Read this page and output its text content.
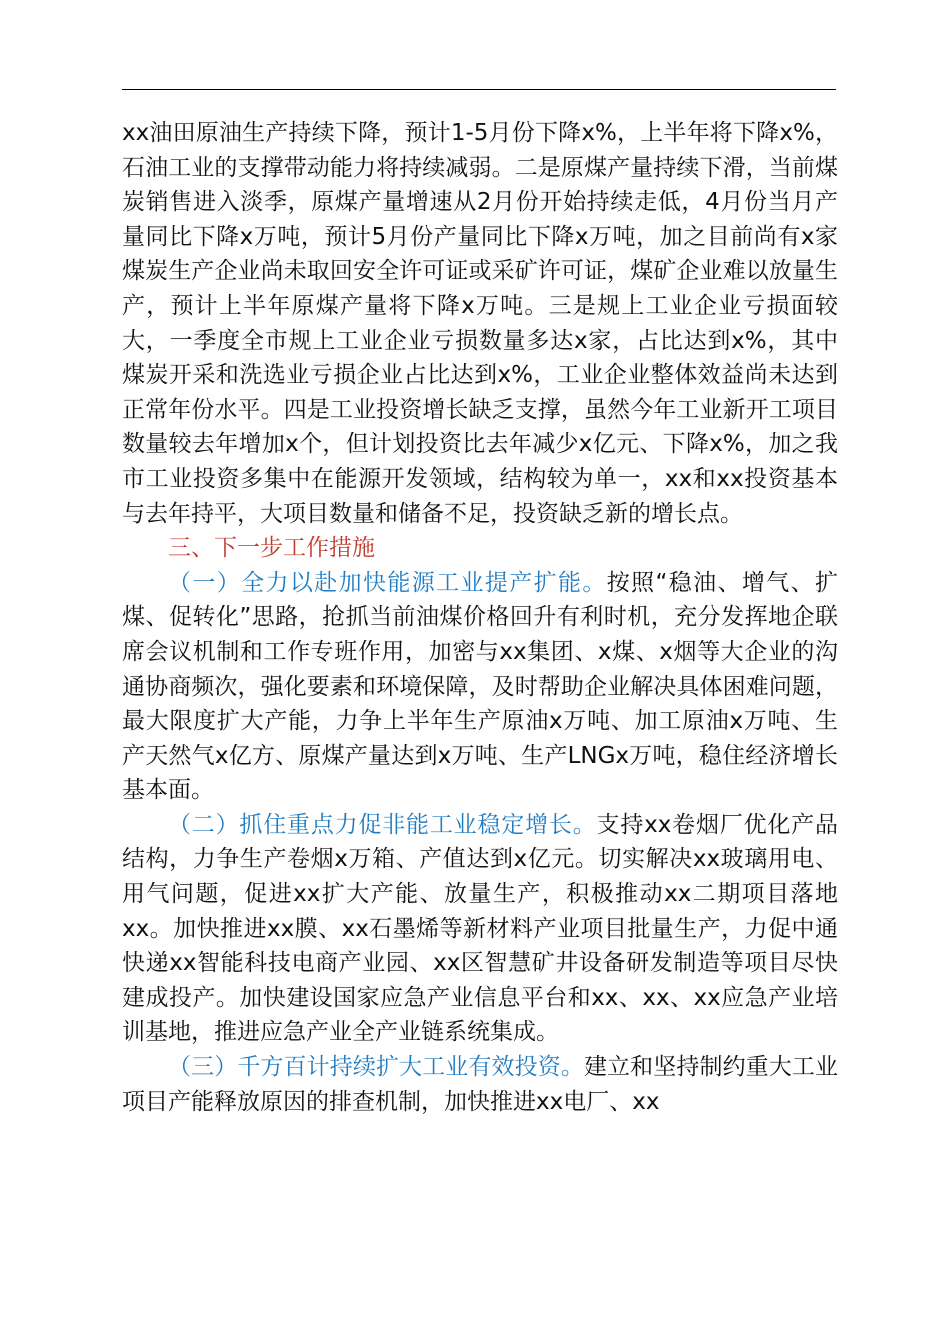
xx油田原油生产持续下降，预计1-5月份下降x%，上半年将下降x%，石油工业的支撑带动能力将持续减弱。二是原煤产量持续下滑，当前煤炭销售进入淡季，原煤产量增速从2月份开始持续走低，4月份当月产量同比下降x万吨，预计5月份产量同比下降x万吨，加之目前尚有x家煤炭生产企业尚未取回安全许可证或采矿许可证，煤矿企业难以放量生产，预计上半年原煤产量将下降x万吨。三是规上工业企业亏损面较大，一季度全市规上工业企业亏损数量多达x家，占比达到x%，其中煤炭开采和洗选业亏损企业占比达到x%，工业企业整体效益尚未达到正常年份水平。四是工业投资增长缺乏支撑，虽然今年工业新开工项目数量较去年增加x个，但计划投资比去年减少x亿元、下降x%，加之我市工业投资多集中在能源开发领域，结构较为单一，xx和xx投资基本与去年持平，大项目数量和储备不足，投资缺乏新的增长点。

三、下一步工作措施

（一）全力以赴加快能源工业提产扩能。按照“稳油、增气、扩煤、促转化”思路，抢抓当前油煤价格回升有利时机，充分发挥地企联席会议机制和工作专班作用，加密与xx集团、x煤、x烟等大企业的沟通协商频次，强化要素和环境保障，及时帮助企业解决具体困难问题，最大限度扩大产能，力争上半年生产原油x万吨、加工原油x万吨、生产天然气x亿方、原煤产量达到x万吨、生产LNGx万吨，稳住经济增长基本面。

（二）抓住重点力促非能工业稳定增长。支持xx卷烟厂优化产品结构，力争生产卷烟x万箱、产值达到x亿元。切实解决xx玻璃用电、用气问题，促进xx扩大产能、放量生产，积极推动xx二期项目落地xx。加快推进xx膜、xx石墨烯等新材料产业项目批量生产，力促中通快递xx智能科技电商产业园、xx区智慧矿井设备研发制造等项目尽快建成投产。加快建设国家应急产业信息平台和xx、xx、xx应急产业培训基地，推进应急产业全产业链系统集成。

（三）千方百计持续扩大工业有效投资。建立和坚持制约重大工业项目产能释放原因的排查机制，加快推进xx电厂、xx
